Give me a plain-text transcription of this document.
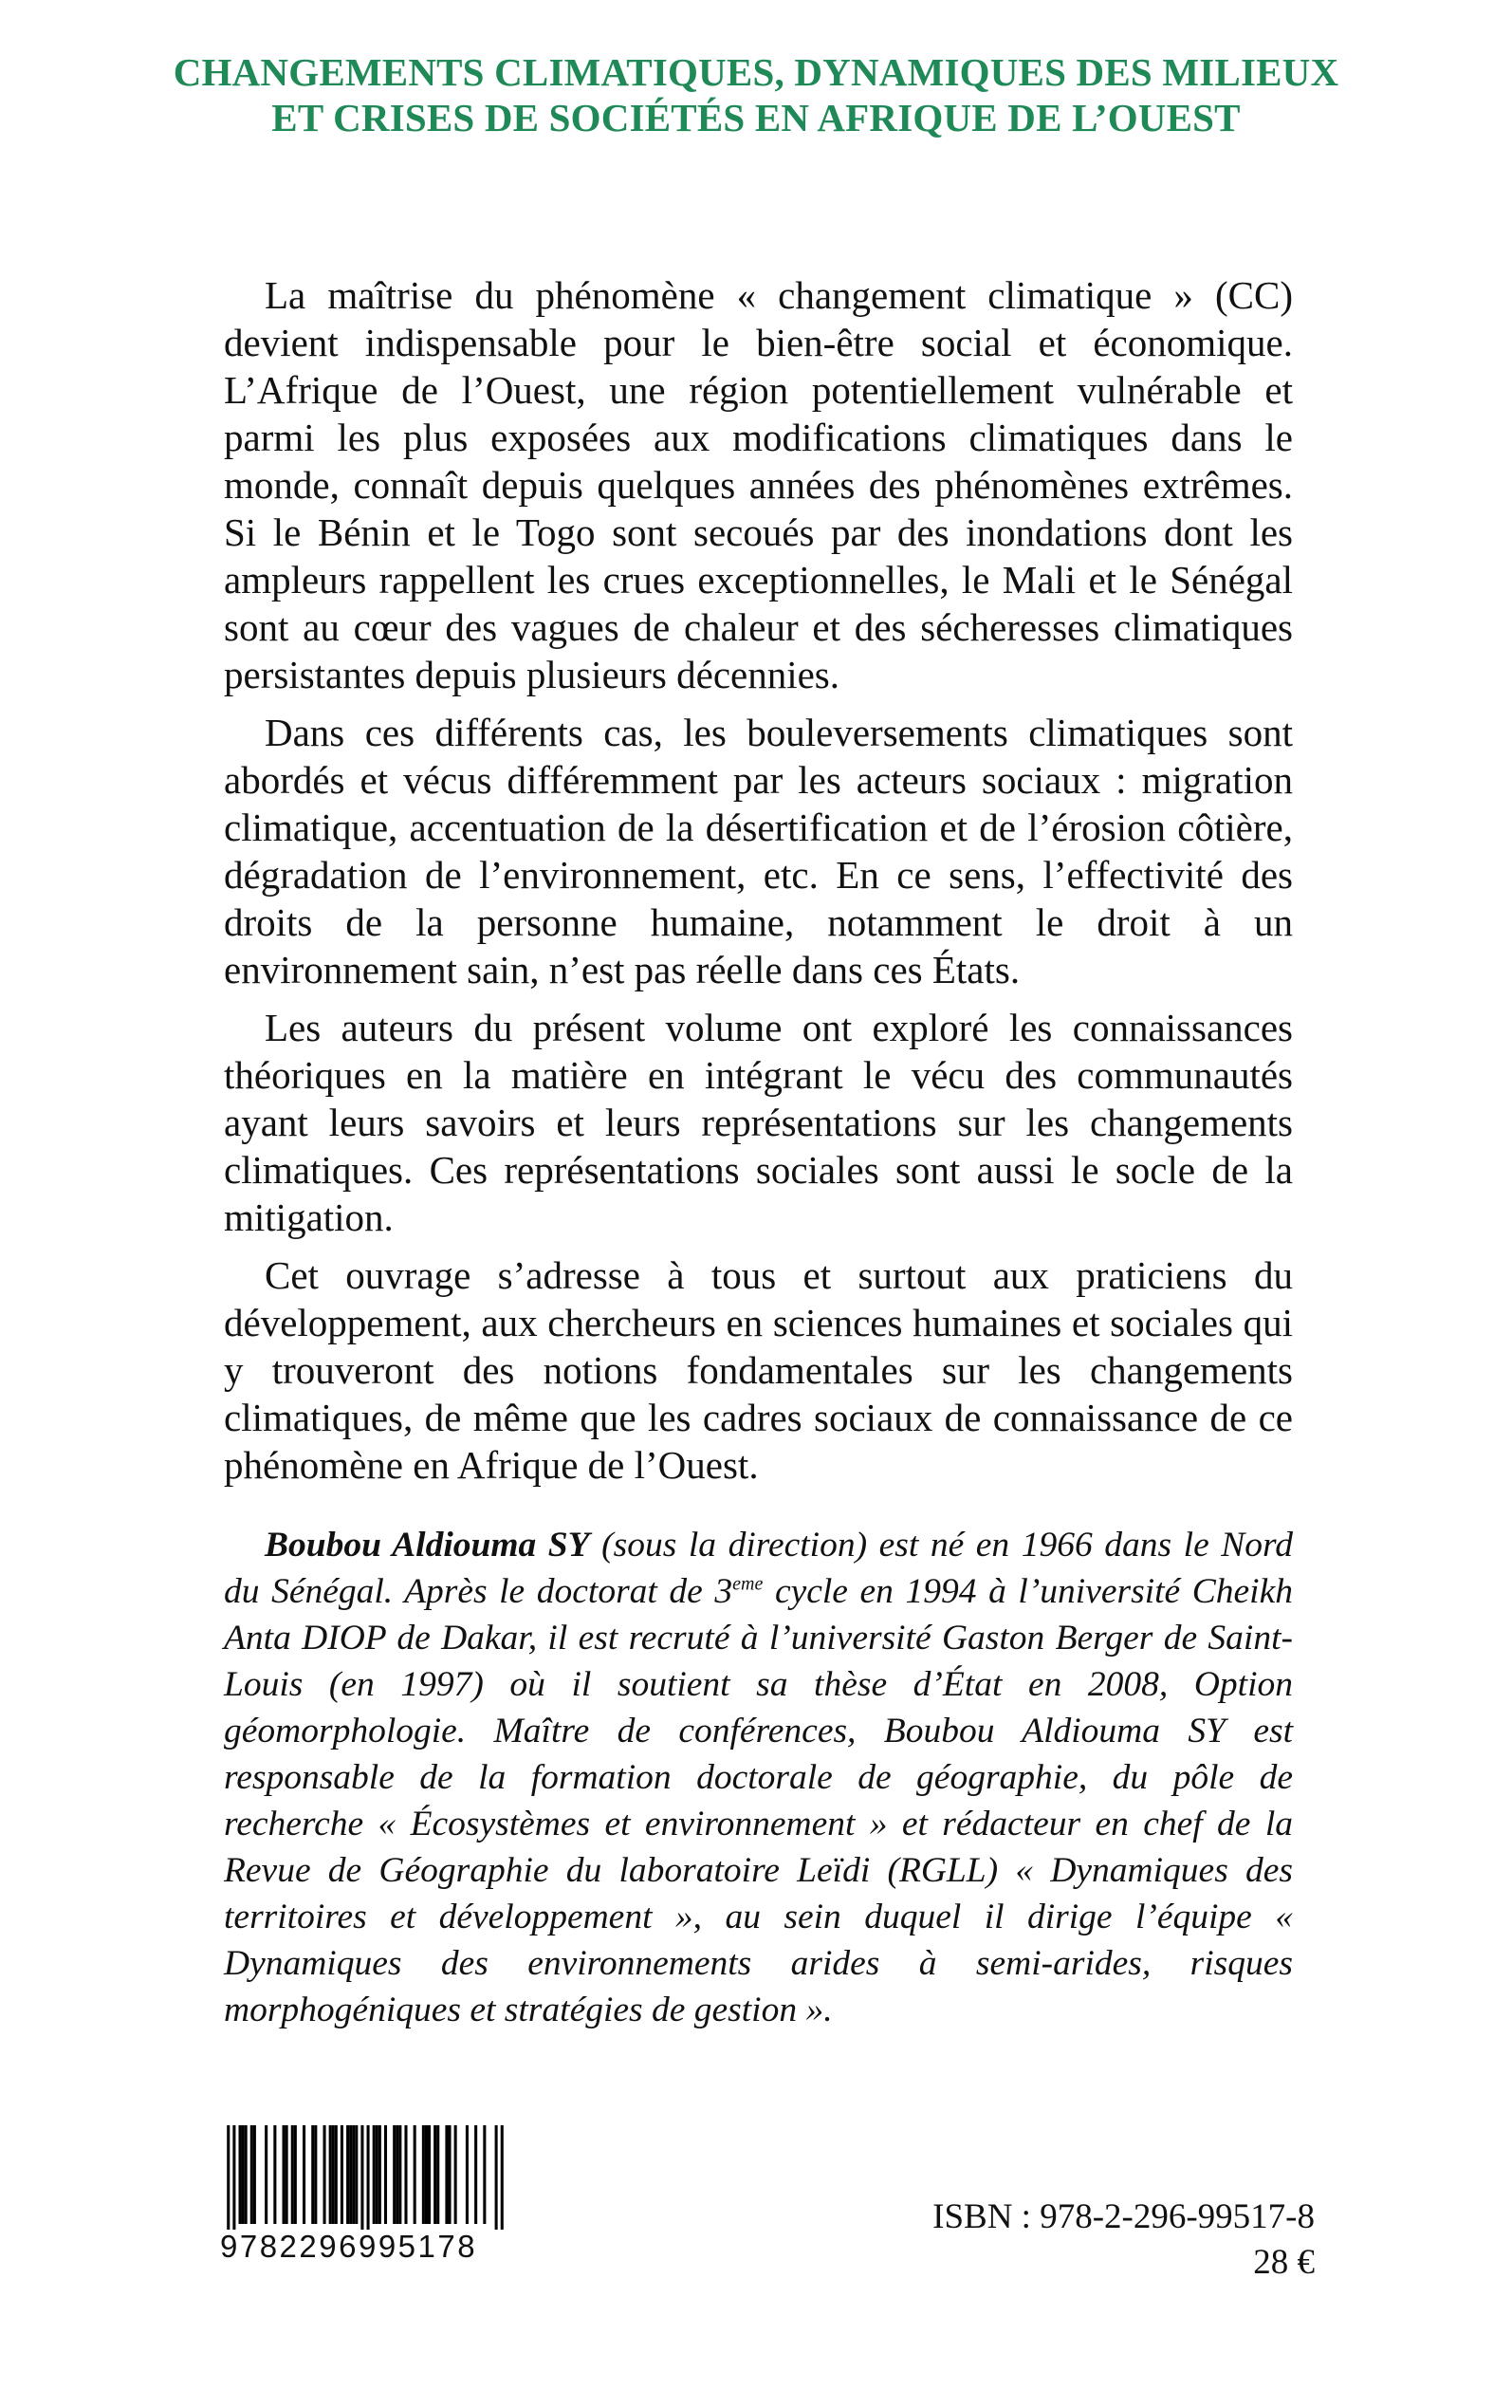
CHANGEMENTS CLIMATIQUES, DYNAMIQUES DES MILIEUX
ET CRISES DE SOCIÉTÉS EN AFRIQUE DE L’OUEST

La maîtrise du phénomène « changement climatique » (CC) devient indispensable pour le bien-être social et économique. L’Afrique de l’Ouest, une région potentiellement vulnérable et parmi les plus exposées aux modifications climatiques dans le monde, connaît depuis quelques années des phénomènes extrêmes. Si le Bénin et le Togo sont secoués par des inondations dont les ampleurs rappellent les crues exceptionnelles, le Mali et le Sénégal sont au cœur des vagues de chaleur et des sécheresses climatiques persistantes depuis plusieurs décennies.

Dans ces différents cas, les bouleversements climatiques sont abordés et vécus différemment par les acteurs sociaux : migration climatique, accentuation de la désertification et de l’érosion côtière, dégradation de l’environnement, etc. En ce sens, l’effectivité des droits de la personne humaine, notamment le droit à un environnement sain, n’est pas réelle dans ces États.

Les auteurs du présent volume ont exploré les connaissances théoriques en la matière en intégrant le vécu des communautés ayant leurs savoirs et leurs représentations sur les changements climatiques. Ces représentations sociales sont aussi le socle de la mitigation.

Cet ouvrage s’adresse à tous et surtout aux praticiens du développement, aux chercheurs en sciences humaines et sociales qui y trouveront des notions fondamentales sur les changements climatiques, de même que les cadres sociaux de connaissance de ce phénomène en Afrique de l’Ouest.

Boubou Aldiouma SY (sous la direction) est né en 1966 dans le Nord du Sénégal. Après le doctorat de 3eme cycle en 1994 à l’université Cheikh Anta DIOP de Dakar, il est recruté à l’université Gaston Berger de Saint-Louis (en 1997) où il soutient sa thèse d’État en 2008, Option géomorphologie. Maître de conférences, Boubou Aldiouma SY est responsable de la formation doctorale de géographie, du pôle de recherche « Écosystèmes et environnement » et rédacteur en chef de la Revue de Géographie du laboratoire Leïdi (RGLL) « Dynamiques des territoires et développement », au sein duquel il dirige l’équipe « Dynamiques des environnements arides à semi-arides, risques morphogéniques et stratégies de gestion ».

9782296995178
ISBN : 978-2-296-99517-8
28 €
